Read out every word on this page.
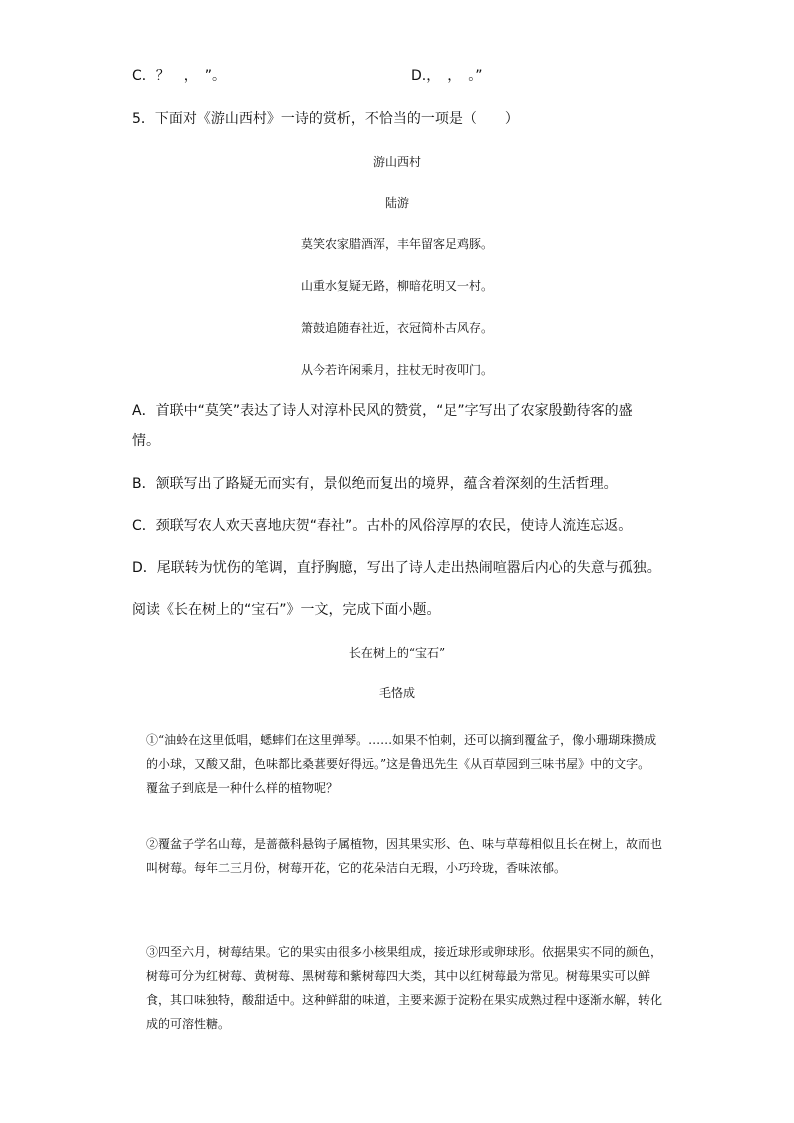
C．？　，　”。	D.，　，　。”
5．下面对《游山西村》一诗的赏析，不恰当的一项是（　　）
游山西村
陆游
莫笑农家腊酒浑，丰年留客足鸡豚。
山重水复疑无路，柳暗花明又一村。
箫鼓追随春社近，衣冠简朴古风存。
从今若许闲乘月，拄杖无时夜叩门。
A．首联中“莫笑”表达了诗人对淳朴民风的赞赏，“足”字写出了农家殷勤待客的盛
情。
B．颔联写出了路疑无而实有，景似绝而复出的境界，蕴含着深刻的生活哲理。
C．颈联写农人欢天喜地庆贺“春社”。古朴的风俗淳厚的农民，使诗人流连忘返。
D．尾联转为忧伤的笔调，直抒胸臆，写出了诗人走出热闹喧嚣后内心的失意与孤独。
阅读《长在树上的“宝石”》一文，完成下面小题。
长在树上的“宝石”
毛恪成

①“油蛉在这里低唱，蟋蟀们在这里弹琴。……如果不怕刺，还可以摘到覆盆子，像小珊瑚珠攒成的小球，又酸又甜，色味都比桑葚要好得远。”这是鲁迅先生《从百草园到三味书屋》中的文字。覆盆子到底是一种什么样的植物呢？

②覆盆子学名山莓，是蔷薇科悬钩子属植物，因其果实形、色、味与草莓相似且长在树上，故而也叫树莓。每年二三月份，树莓开花，它的花朵洁白无瑕，小巧玲珑，香味浓郁。

③四至六月，树莓结果。它的果实由很多小核果组成，接近球形或卵球形。依据果实不同的颜色，树莓可分为红树莓、黄树莓、黑树莓和紫树莓四大类，其中以红树莓最为常见。树莓果实可以鲜食，其口味独特，酸甜适中。这种鲜甜的味道，主要来源于淀粉在果实成熟过程中逐渐水解，转化成的可溶性糖。
